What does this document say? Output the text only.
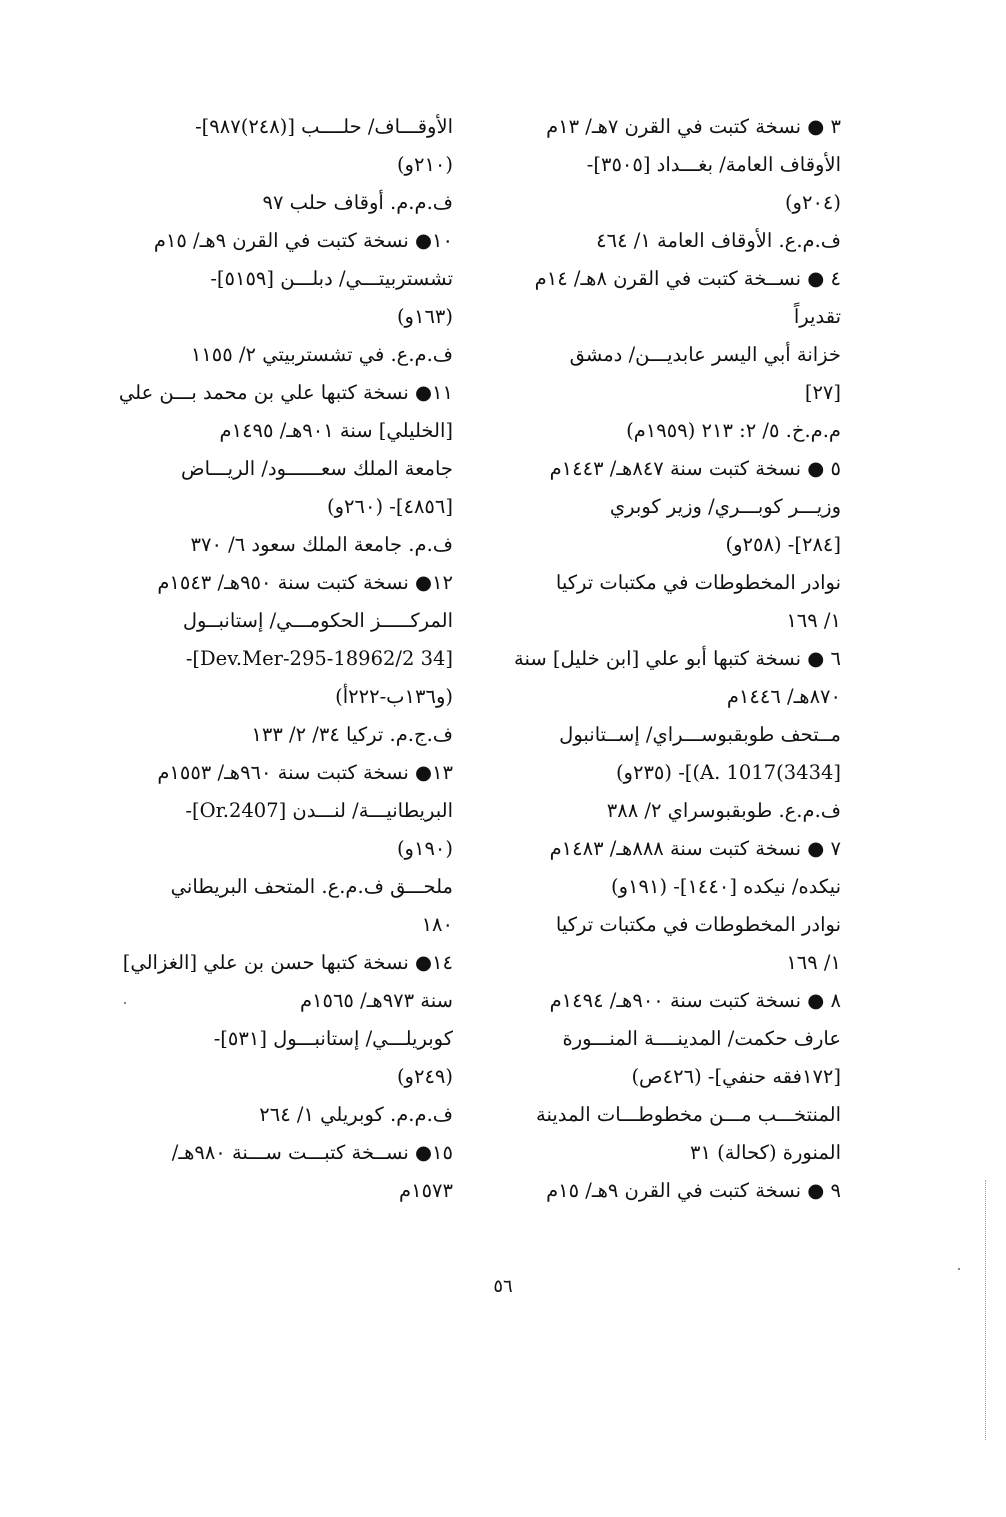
٣ ● نسخة كتبت في القرن ٧هـ/ ١٣م
الأوقاف العامة/ بغـــداد [٣٥٠٥]-
(٢٠٤و)
ف.م.ع. الأوقاف العامة ١/ ٤٦٤
٤ ● نســخة كتبت في القرن ٨هـ/ ١٤م
تقديراً
خزانة أبي اليسر عابديـــن/ دمشق
[٢٧]
م.م.خ. ٥/ ٢: ٢١٣ (١٩٥٩م)
٥ ● نسخة كتبت سنة ٨٤٧هـ/ ١٤٤٣م
وزيـــر كوبـــري/ وزير كوبري
[٢٨٤]- (٢٥٨و)
نوادر المخطوطات في مكتبات تركيا
١/ ١٦٩
٦ ● نسخة كتبها أبو علي [ابن خليل] سنة
٨٧٠هـ/ ١٤٤٦م
مــتحف طوبقبوســـراي/ إســتانبول
[3434)A. 1017)]- (٢٣٥و)
ف.م.ع. طوبقبوسراي ٢/ ٣٨٨
٧ ● نسخة كتبت سنة ٨٨٨هـ/ ١٤٨٣م
نيكده/ نيكده [١٤٤٠]- (١٩١و)
نوادر المخطوطات في مكتبات تركيا
١/ ١٦٩
٨ ● نسخة كتبت سنة ٩٠٠هـ/ ١٤٩٤م
عارف حكمت/ المدينــــة المنـــورة
[١٧٢فقه حنفي]- (٤٢٦ص)
المنتخـــب مـــن مخطوطـــات المدينة
المنورة (كحالة) ٣١
٩ ● نسخة كتبت في القرن ٩هـ/ ١٥م
الأوقـــاف/ حلــــب [(٢٤٨)٩٨٧]-
(٢١٠و)
ف.م.م. أوقاف حلب ٩٧
١٠● نسخة كتبت في القرن ٩هـ/ ١٥م
تشستربيتـــي/ دبلـــن [٥١٥٩]-
(١٦٣و)
ف.م.ع. في تشستربيتي ٢/ ١١٥٥
١١● نسخة كتبها علي بن محمد بـــن علي
[الخليلي] سنة ٩٠١هـ/ ١٤٩٥م
جامعة الملك سعــــــود/ الريـــاض
[٤٨٥٦]- (٢٦٠و)
ف.م. جامعة الملك سعود ٦/ ٣٧٠
١٢● نسخة كتبت سنة ٩٥٠هـ/ ١٥٤٣م
المركـــــز الحكومـــي/ إستانبــول
[34 Dev.Mer-295-18962/2]-
(و١٣٦ب-٢٢٢أ)
ف.ج.م. تركيا ٣٤/ ٢/ ١٣٣
١٣● نسخة كتبت سنة ٩٦٠هـ/ ١٥٥٣م
البريطانيـــة/ لنـــدن [Or.2407]-
(١٩٠و)
ملحـــق ف.م.ع. المتحف البريطاني
١٨٠
١٤● نسخة كتبها حسن بن علي [الغزالي]
سنة ٩٧٣هـ/ ١٥٦٥م
كوبريلـــي/ إستانبـــول [٥٣١]-
(٢٤٩و)
ف.م.م. كوبريلي ١/ ٢٦٤
١٥● نســخة كتبـــت ســـنة ٩٨٠هـ/
١٥٧٣م
٥٦
